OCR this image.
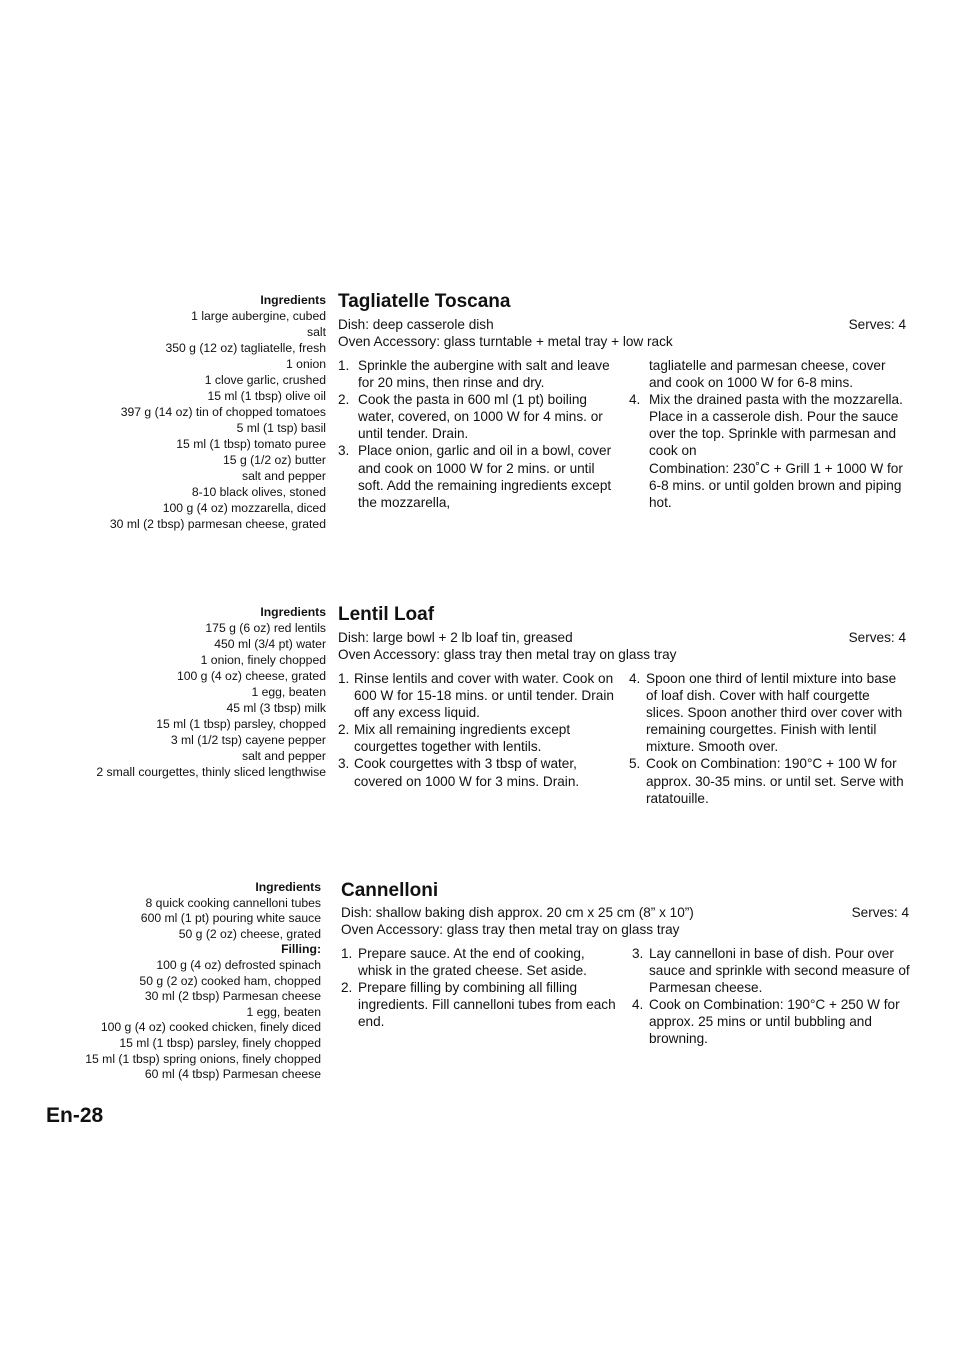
Ingredients
1 large aubergine, cubed
salt
350 g (12 oz) tagliatelle, fresh
1 onion
1 clove garlic, crushed
15 ml (1 tbsp) olive oil
397 g (14 oz) tin of chopped tomatoes
5 ml (1 tsp) basil
15 ml (1 tbsp) tomato puree
15 g (1/2 oz) butter
salt and pepper
8-10 black olives, stoned
100 g (4 oz) mozzarella, diced
30 ml (2 tbsp) parmesan cheese, grated
Tagliatelle Toscana
Dish: deep casserole dish	Serves: 4
Oven Accessory: glass turntable + metal tray + low rack
1. Sprinkle the aubergine with salt and leave for 20 mins, then rinse and dry.
2. Cook the pasta in 600 ml (1 pt) boiling water, covered, on 1000 W for 4 mins. or until tender. Drain.
3. Place onion, garlic and oil in a bowl, cover and cook on 1000 W for 2 mins. or until soft. Add the remaining ingredients except the mozzarella,
tagliatelle and parmesan cheese, cover and cook on 1000 W for 6-8 mins.
4. Mix the drained pasta with the mozzarella. Place in a casserole dish. Pour the sauce over the top. Sprinkle with parmesan and cook on
Combination: 230˚C + Grill 1 + 1000 W for 6-8 mins. or until golden brown and piping hot.
Ingredients
175 g (6 oz) red lentils
450 ml (3/4 pt) water
1 onion, finely chopped
100 g (4 oz) cheese, grated
1 egg, beaten
45 ml (3 tbsp) milk
15 ml (1 tbsp) parsley, chopped
3 ml (1/2 tsp) cayene pepper
salt and pepper
2 small courgettes, thinly sliced lengthwise
Lentil Loaf
Dish: large bowl + 2 lb loaf tin, greased	Serves: 4
Oven Accessory: glass tray then metal tray on glass tray
1. Rinse lentils and cover with water. Cook on 600 W for 15-18 mins. or until tender. Drain off any excess liquid.
2. Mix all remaining ingredients except courgettes together with lentils.
3. Cook courgettes with 3 tbsp of water, covered on 1000 W for 3 mins. Drain.
4. Spoon one third of lentil mixture into base of loaf dish. Cover with half courgette slices. Spoon another third over cover with remaining courgettes. Finish with lentil mixture. Smooth over.
5. Cook on Combination: 190°C + 100 W for approx. 30-35 mins. or until set. Serve with ratatouille.
Ingredients
8 quick cooking cannelloni tubes
600 ml (1 pt) pouring white sauce
50 g (2 oz) cheese, grated
Filling:
100 g (4 oz) defrosted spinach
50 g (2 oz) cooked ham, chopped
30 ml (2 tbsp) Parmesan cheese
1 egg, beaten
100 g (4 oz) cooked chicken, finely diced
15 ml (1 tbsp) parsley, finely chopped
15 ml (1 tbsp) spring onions, finely chopped
60 ml (4 tbsp) Parmesan cheese
Cannelloni
Dish: shallow baking dish approx. 20 cm x 25 cm (8” x 10”)	Serves: 4
Oven Accessory: glass tray then metal tray on glass tray
1. Prepare sauce. At the end of cooking, whisk in the grated cheese. Set aside.
2. Prepare filling by combining all filling ingredients. Fill cannelloni tubes from each end.
3. Lay cannelloni in base of dish. Pour over sauce and sprinkle with second measure of Parmesan cheese.
4. Cook on Combination: 190°C + 250 W for approx. 25 mins or until bubbling and browning.
En-28
